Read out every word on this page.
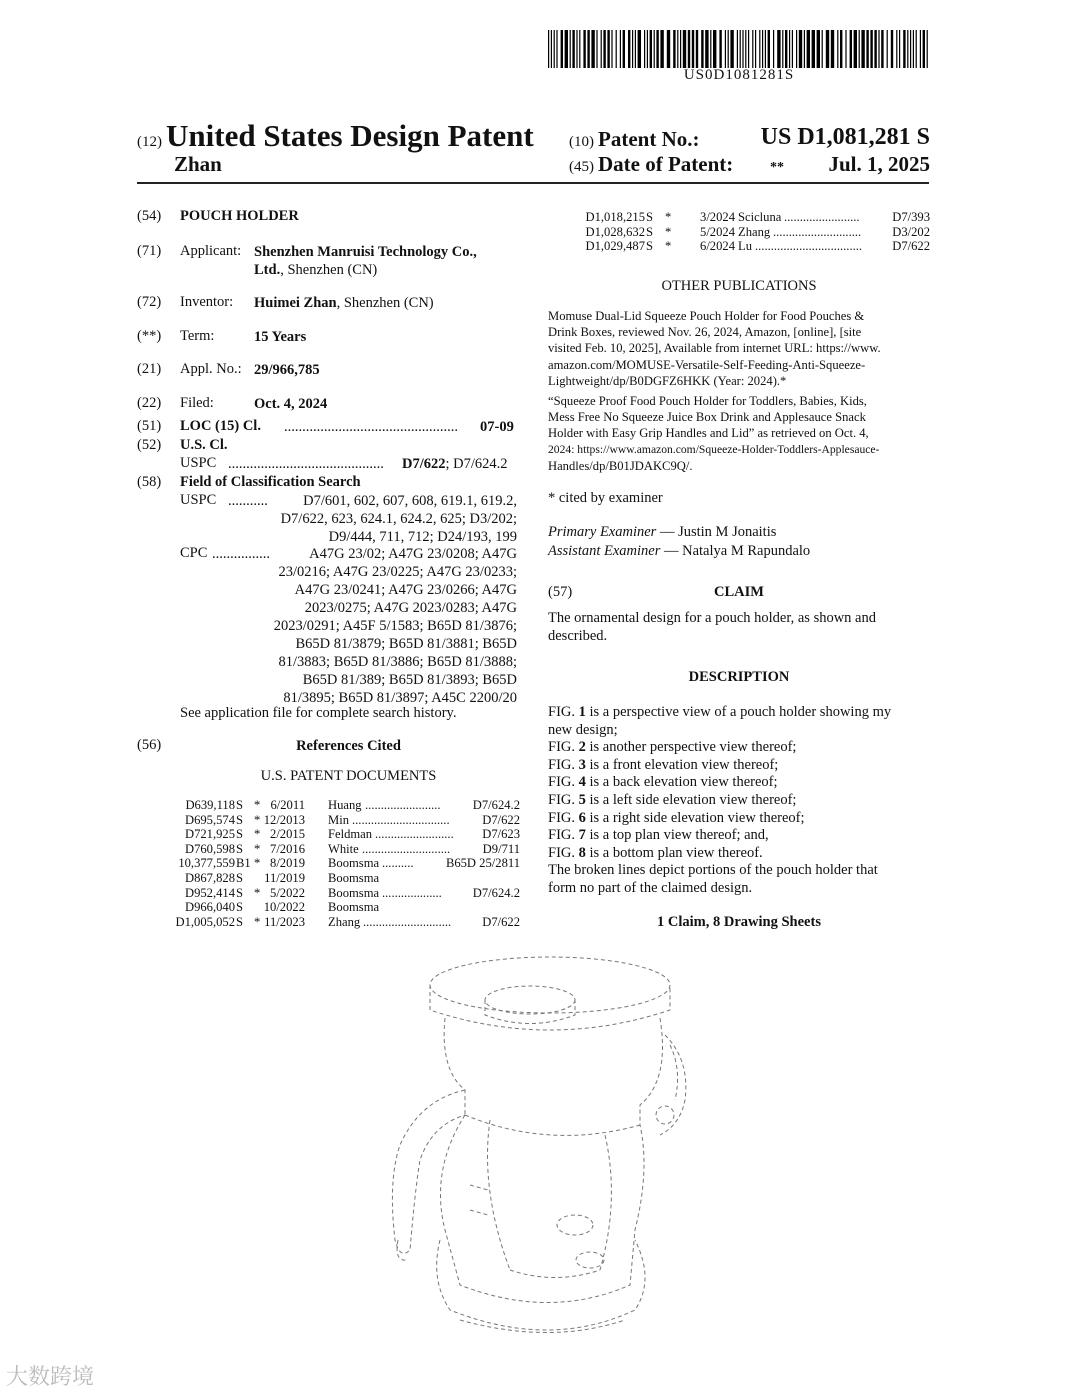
US0D1081281S
(12) United States Design Patent
Zhan
(10) Patent No.:	US D1,081,281 S
(45) Date of Patent:	** Jul. 1, 2025
(54) POUCH HOLDER
(71) Applicant: Shenzhen Manruisi Technology Co.,
Ltd., Shenzhen (CN)
(72) Inventor: Huimei Zhan, Shenzhen (CN)
(**) Term:	15 Years
(21) Appl. No.: 29/966,785
(22) Filed:	Oct. 4, 2024
(51) LOC (15) Cl. ................................................	07-09
(52) U.S. Cl.
USPC ...........................................	D7/622; D7/624.2
(58) Field of Classification Search
USPC ...........	D7/601, 602, 607, 608, 619.1, 619.2,
D7/622, 623, 624.1, 624.2, 625; D3/202;
D9/444, 711, 712; D24/193, 199
CPC ................	A47G 23/02; A47G 23/0208; A47G
23/0216; A47G 23/0225; A47G 23/0233;
A47G 23/0241; A47G 23/0266; A47G
2023/0275; A47G 2023/0283; A47G
2023/0291; A45F 5/1583; B65D 81/3876;
B65D 81/3879; B65D 81/3881; B65D
81/3883; B65D 81/3886; B65D 81/3888;
B65D 81/389; B65D 81/3893; B65D
81/3895; B65D 81/3897; A45C 2200/20
See application file for complete search history.
(56)	References Cited
U.S. PATENT DOCUMENTS
D639,118 S * 6/2011 Huang ........................	D7/624.2
D695,574 S * 12/2013 Min ...............................	D7/622
D721,925 S * 2/2015 Feldman .........................	D7/623
D760,598 S * 7/2016 White ............................	D9/711
10,377,559 B1 * 8/2019 Boomsma ..........	B65D 25/2811
D867,828 S 11/2019 Boomsma
D952,414 S * 5/2022 Boomsma ...................	D7/624.2
D966,040 S 10/2022 Boomsma
D1,005,052 S * 11/2023 Zhang ............................	D7/622
D1,018,215 S * 3/2024 Scicluna ........................	D7/393
D1,028,632 S * 5/2024 Zhang ............................	D3/202
D1,029,487 S * 6/2024 Lu ..................................	D7/622
OTHER PUBLICATIONS

Momuse Dual-Lid Squeeze Pouch Holder for Food Pouches &

Drink Boxes, reviewed Nov. 26, 2024, Amazon, [online], [site

visited Feb. 10, 2025], Available from internet URL: https://www.

amazon.com/MOMUSE-Versatile-Self-Feeding-Anti-Squeeze-

Lightweight/dp/B0DGFZ6HKK (Year: 2024).*

“Squeeze Proof Food Pouch Holder for Toddlers, Babies, Kids,

Mess Free No Squeeze Juice Box Drink and Applesauce Snack

Holder with Easy Grip Handles and Lid” as retrieved on Oct. 4,

2024: https://www.amazon.com/Squeeze-Holder-Toddlers-Applesauce-

Handles/dp/B01JDAKC9Q/.

* cited by examiner
Primary Examiner — Justin M Jonaitis
Assistant Examiner — Natalya M Rapundalo
(57)	CLAIM
The ornamental design for a pouch holder, as shown and
described.
DESCRIPTION
FIG. 1 is a perspective view of a pouch holder showing my
new design;
FIG. 2 is another perspective view thereof;
FIG. 3 is a front elevation view thereof;
FIG. 4 is a back elevation view thereof;
FIG. 5 is a left side elevation view thereof;
FIG. 6 is a right side elevation view thereof;
FIG. 7 is a top plan view thereof; and,
FIG. 8 is a bottom plan view thereof.
The broken lines depict portions of the pouch holder that
form no part of the claimed design.
1 Claim, 8 Drawing Sheets
大数跨境
